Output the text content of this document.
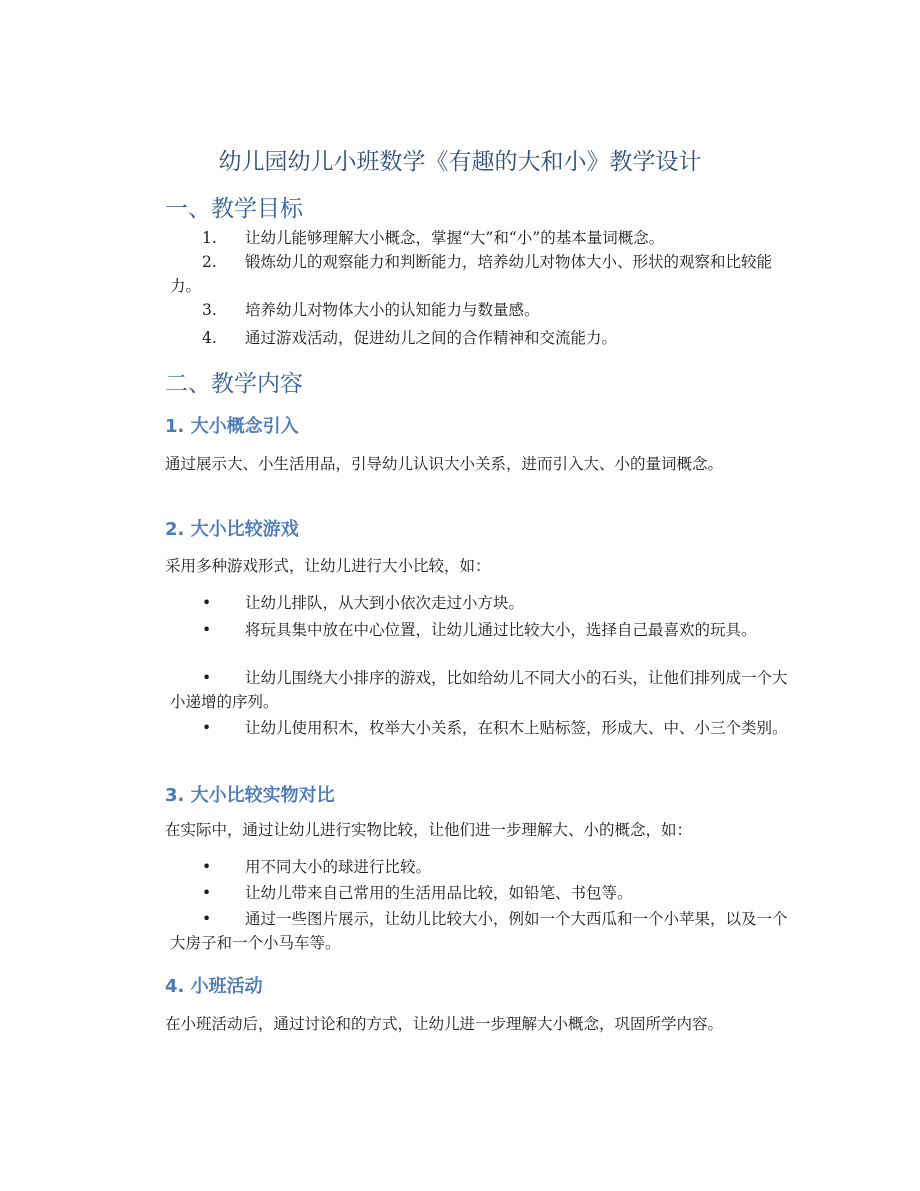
幼儿园幼儿小班数学《有趣的大和小》教学设计
一、教学目标
1.	让幼儿能够理解大小概念，掌握“大”和“小”的基本量词概念。
2.	锻炼幼儿的观察能力和判断能力，培养幼儿对物体大小、形状的观察和比较能力。
3.	培养幼儿对物体大小的认知能力与数量感。
4.	通过游戏活动，促进幼儿之间的合作精神和交流能力。
二、教学内容
1. 大小概念引入
通过展示大、小生活用品，引导幼儿认识大小关系，进而引入大、小的量词概念。
2. 大小比较游戏
采用多种游戏形式，让幼儿进行大小比较，如：
•	让幼儿排队，从大到小依次走过小方块。
•	将玩具集中放在中心位置，让幼儿通过比较大小，选择自己最喜欢的玩具。
•	让幼儿围绕大小排序的游戏，比如给幼儿不同大小的石头，让他们排列成一个大小递增的序列。
•	让幼儿使用积木，枚举大小关系，在积木上贴标签，形成大、中、小三个类别。
3. 大小比较实物对比
在实际中，通过让幼儿进行实物比较，让他们进一步理解大、小的概念，如：
•	用不同大小的球进行比较。
•	让幼儿带来自己常用的生活用品比较，如铅笔、书包等。
•	通过一些图片展示，让幼儿比较大小，例如一个大西瓜和一个小苹果，以及一个大房子和一个小马车等。
4. 小班活动
在小班活动后，通过讨论和的方式，让幼儿进一步理解大小概念，巩固所学内容。
